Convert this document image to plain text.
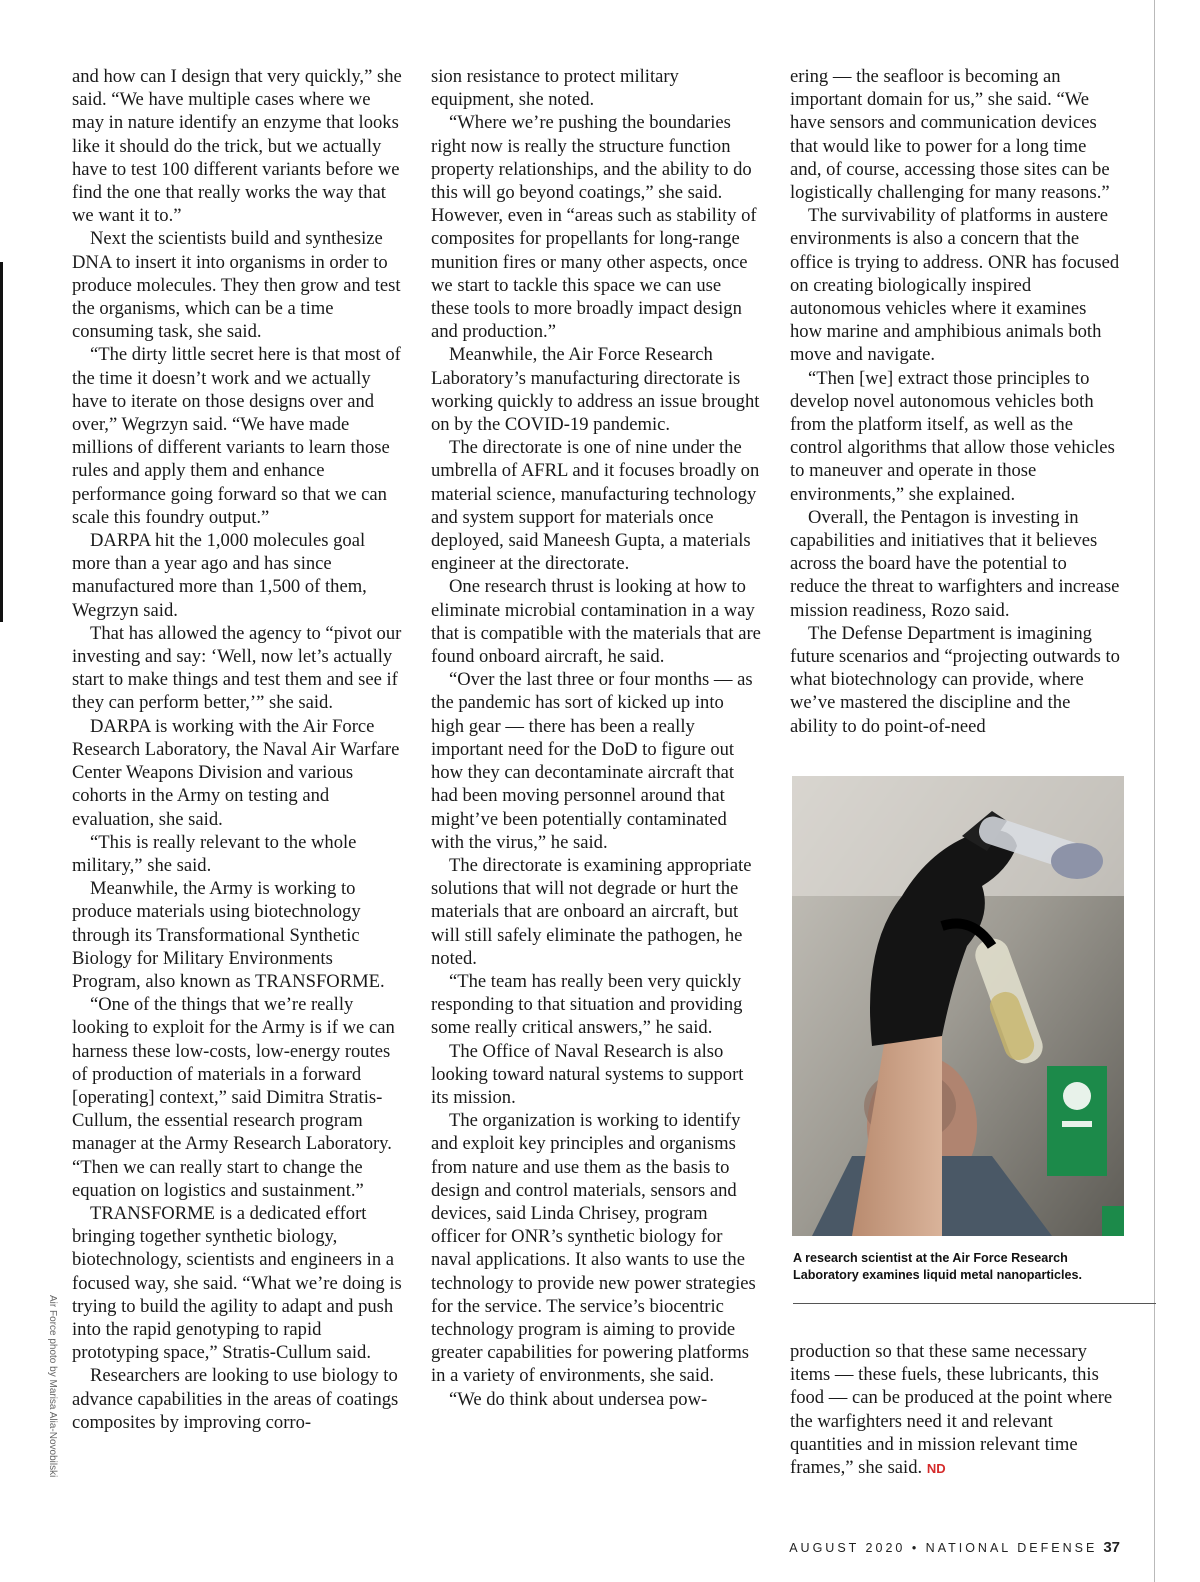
and how can I design that very quickly,” she said. “We have multiple cases where we may in nature identify an enzyme that looks like it should do the trick, but we actually have to test 100 different variants before we find the one that really works the way that we want it to.”

Next the scientists build and synthesize DNA to insert it into organisms in order to produce molecules. They then grow and test the organisms, which can be a time consuming task, she said.

“The dirty little secret here is that most of the time it doesn’t work and we actually have to iterate on those designs over and over,” Wegrzyn said. “We have made millions of different variants to learn those rules and apply them and enhance performance going forward so that we can scale this foundry output.”

DARPA hit the 1,000 molecules goal more than a year ago and has since manufactured more than 1,500 of them, Wegrzyn said.

That has allowed the agency to “pivot our investing and say: ‘Well, now let’s actually start to make things and test them and see if they can perform better,’” she said.

DARPA is working with the Air Force Research Laboratory, the Naval Air Warfare Center Weapons Division and various cohorts in the Army on testing and evaluation, she said.

“This is really relevant to the whole military,” she said.

Meanwhile, the Army is working to produce materials using biotechnology through its Transformational Synthetic Biology for Military Environments Program, also known as TRANSFORME.

“One of the things that we’re really looking to exploit for the Army is if we can harness these low-costs, low-energy routes of production of materials in a forward [operating] context,” said Dimitra Stratis-Cullum, the essential research program manager at the Army Research Laboratory. “Then we can really start to change the equation on logistics and sustainment.”

TRANSFORME is a dedicated effort bringing together synthetic biology, biotechnology, scientists and engineers in a focused way, she said. “What we’re doing is trying to build the agility to adapt and push into the rapid genotyping to rapid prototyping space,” Stratis-Cullum said.

Researchers are looking to use biology to advance capabilities in the areas of coatings composites by improving corro-

sion resistance to protect military equipment, she noted.

“Where we’re pushing the boundaries right now is really the structure function property relationships, and the ability to do this will go beyond coatings,” she said. However, even in “areas such as stability of composites for propellants for long-range munition fires or many other aspects, once we start to tackle this space we can use these tools to more broadly impact design and production.”

Meanwhile, the Air Force Research Laboratory’s manufacturing directorate is working quickly to address an issue brought on by the COVID-19 pandemic.

The directorate is one of nine under the umbrella of AFRL and it focuses broadly on material science, manufacturing technology and system support for materials once deployed, said Maneesh Gupta, a materials engineer at the directorate.

One research thrust is looking at how to eliminate microbial contamination in a way that is compatible with the materials that are found onboard aircraft, he said.

“Over the last three or four months — as the pandemic has sort of kicked up into high gear — there has been a really important need for the DoD to figure out how they can decontaminate aircraft that had been moving personnel around that might’ve been potentially contaminated with the virus,” he said.

The directorate is examining appropriate solutions that will not degrade or hurt the materials that are onboard an aircraft, but will still safely eliminate the pathogen, he noted.

“The team has really been very quickly responding to that situation and providing some really critical answers,” he said.

The Office of Naval Research is also looking toward natural systems to support its mission.

The organization is working to identify and exploit key principles and organisms from nature and use them as the basis to design and control materials, sensors and devices, said Linda Chrisey, program officer for ONR’s synthetic biology for naval applications. It also wants to use the technology to provide new power strategies for the service. The service’s biocentric technology program is aiming to provide greater capabilities for powering platforms in a variety of environments, she said.

“We do think about undersea pow-

ering — the seafloor is becoming an important domain for us,” she said. “We have sensors and communication devices that would like to power for a long time and, of course, accessing those sites can be logistically challenging for many reasons.”

The survivability of platforms in austere environments is also a concern that the office is trying to address. ONR has focused on creating biologically inspired autonomous vehicles where it examines how marine and amphibious animals both move and navigate.

“Then [we] extract those principles to develop novel autonomous vehicles both from the platform itself, as well as the control algorithms that allow those vehicles to maneuver and operate in those environments,” she explained.

Overall, the Pentagon is investing in capabilities and initiatives that it believes across the board have the potential to reduce the threat to warfighters and increase mission readiness, Rozo said.

The Defense Department is imagining future scenarios and “projecting outwards to what biotechnology can provide, where we’ve mastered the discipline and the ability to do point-of-need

A research scientist at the Air Force Research Laboratory examines liquid metal nanoparticles.

production so that these same necessary items — these fuels, these lubricants, this food — can be produced at the point where the warfighters need it and relevant quantities and in mission relevant time frames,” she said. ND

Air Force photo by Marisa Alia-Novobilski
AUGUST 2020 • NATIONAL DEFENSE 37
